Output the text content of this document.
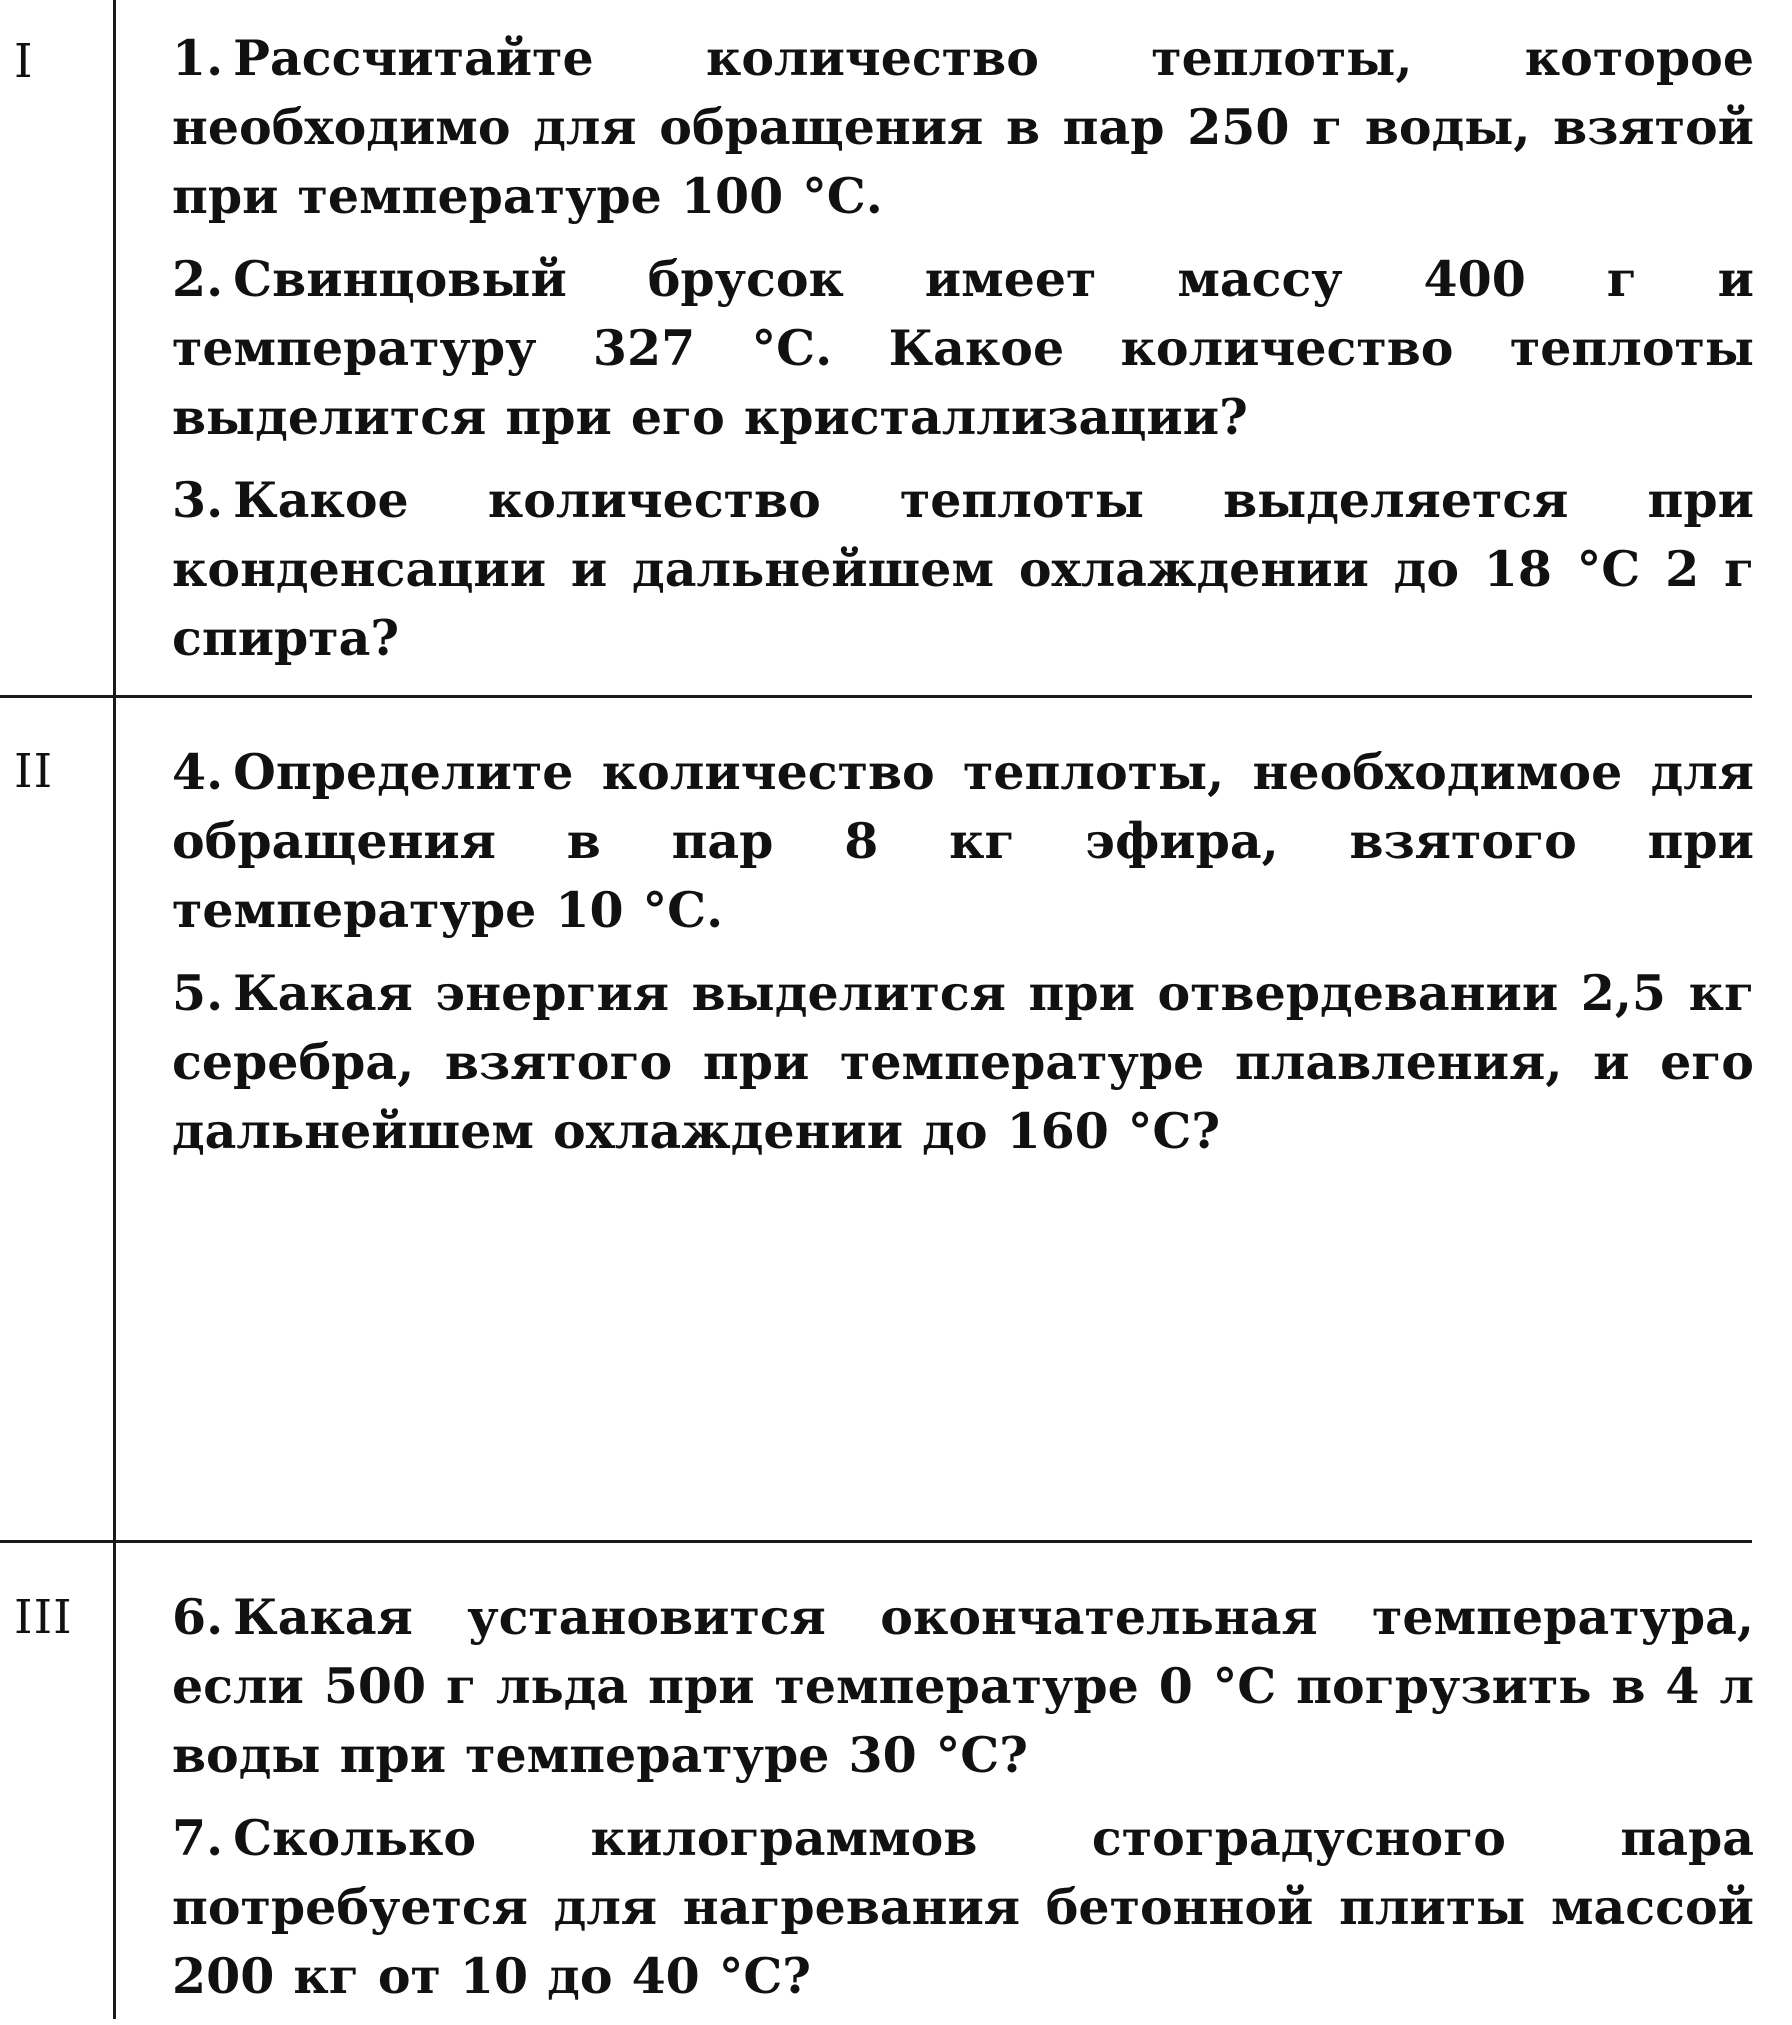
I	1. Рассчитайте количество теплоты, которое необходимо для обращения в пар 250 г воды, взятой при температуре 100 °С.

2. Свинцовый брусок имеет массу 400 г и температуру 327 °С. Какое количество теплоты выделится при его кристаллизации?

3. Какое количество теплоты выделяется при конденсации и дальнейшем охлаждении до 18 °С 2 г спирта?

II 4. Определите количество теплоты, необходимое для обращения в пар 8 кг эфира, взятого при температуре 10 °С.

5. Какая энергия выделится при отвердевании 2,5 кг серебра, взятого при температуре плавления, и его дальнейшем охлаждении до 160 °С?

III 6. Какая установится окончательная температура, если 500 г льда при температуре 0 °С погрузить в 4 л воды при температуре 30 °С?

7. Сколько килограммов стоградусного пара потребуется для нагревания бетонной плиты массой 200 кг от 10 до 40 °С?
